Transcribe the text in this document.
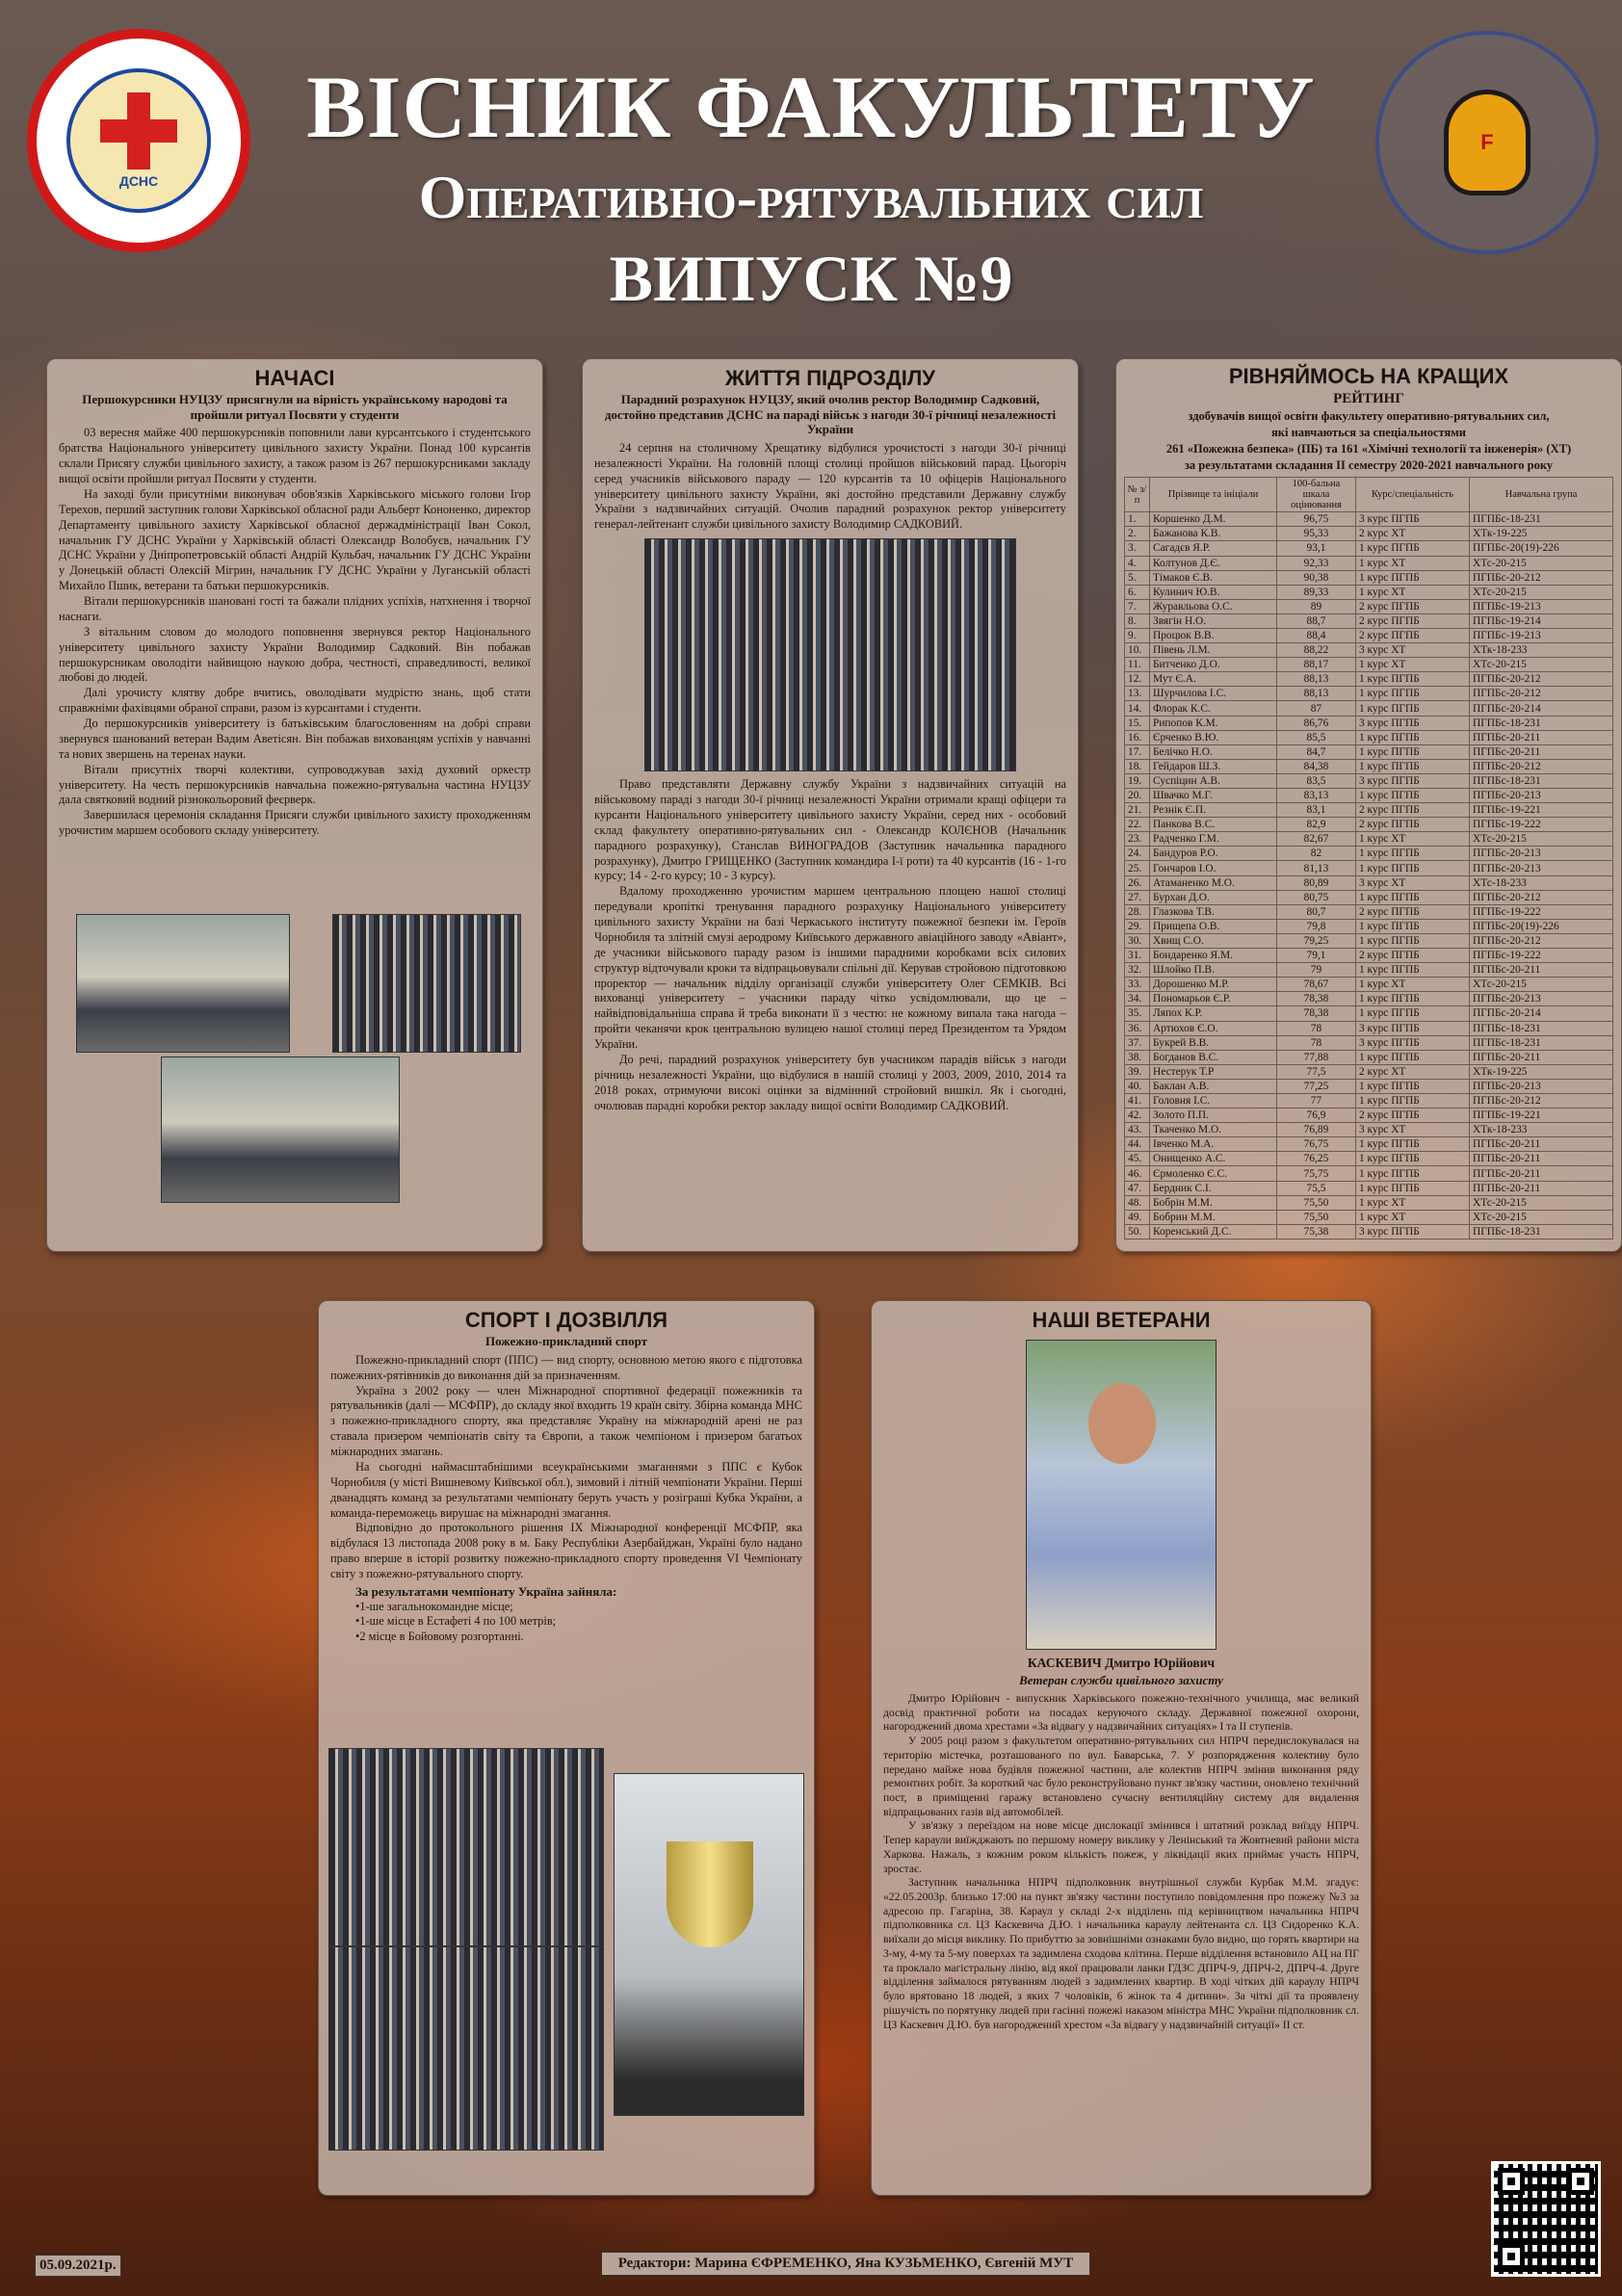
ДСНС
ВІСНИК ФАКУЛЬТЕТУ
Оперативно-рятувальних сил
ВИПУСК №9
F
НАЧАСІ
Першокурсники НУЦЗУ присягнули на вірність українському народові та пройшли ритуал Посвяти у студенти

03 вересня майже 400 першокурсників поповнили лави курсантського і студентського братства Національного університету цивільного захисту України. Понад 100 курсантів склали Присягу служби цивільного захисту, а також разом із 267 першокурсниками закладу вищої освіти пройшли ритуал Посвяти у студенти.

На заході були присутніми виконувач обов'язків Харківського міського голови Ігор Терехов, перший заступник голови Харківської обласної ради Альберт Кононенко, директор Департаменту цивільного захисту Харківської обласної держадміністрації Іван Сокол, начальник ГУ ДСНС України у Харківській області Олександр Волобуєв, начальник ГУ ДСНС України у Дніпропетровській області Андрій Кульбач, начальник ГУ ДСНС України у Донецькій області Олексій Мігрин, начальник ГУ ДСНС України у Луганській області Михайло Пшик, ветерани та батьки першокурсників.

Вітали першокурсників шановані гості та бажали плідних успіхів, натхнення і творчої наснаги.

З вітальним словом до молодого поповнення звернувся ректор Національного університету цивільного захисту України Володимир Садковий. Він побажав першокурсникам оволодіти найвищою наукою добра, честності, справедливості, великої любові до людей.

Далі урочисту клятву добре вчитись, оволодівати мудрістю знань, щоб стати справжніми фахівцями обраної справи, разом із курсантами і студенти.

До першокурсників університету із батьківським благословенням на добрі справи звернувся шанований ветеран Вадим Аветісян. Він побажав вихованцям успіхів у навчанні та нових звершень на теренах науки.

Вітали присутніх творчі колективи, супроводжував захід духовий оркестр університету. На честь першокурсників навчальна пожежно-рятувальна частина НУЦЗУ дала святковий водний різнокольоровий феєрверк.

Завершилася церемонія складання Присяги служби цивільного захисту проходженням урочистим маршем особового складу університету.

ЖИТТЯ ПІДРОЗДІЛУ
Парадний розрахунок НУЦЗУ, який очолив ректор Володимир Садковий, достойно представив ДСНС на параді військ з нагоди 30-ї річниці незалежності України

24 серпня на столичному Хрещатику відбулися урочистості з нагоди 30-ї річниці незалежності України. На головній площі столиці пройшов військовий парад. Цьогоріч серед учасників військового параду — 120 курсантів та 10 офіцерів Національного університету цивільного захисту України, які достойно представили Державну службу України з надзвичайних ситуацій. Очолив парадний розрахунок ректор університету генерал-лейтенант служби цивільного захисту Володимир САДКОВИЙ.

Право представляти Державну службу України з надзвичайних ситуацій на військовому параді з нагоди 30-ї річниці незалежності України отримали кращі офіцери та курсанти Національного університету цивільного захисту України, серед них - особовий склад факультету оперативно-рятувальних сил - Олександр КОЛЄНОВ (Начальник парадного розрахунку), Станслав ВИНОГРАДОВ (Заступник начальника парадного розрахунку), Дмитро ГРИЩЕНКО (Заступник командира І-ї роти) та 40 курсантів (16 - 1-го курсу; 14 - 2-го курсу; 10 - 3 курсу).

Вдалому проходженню урочистим маршем центральною площею нашої столиці передували кропіткі тренування парадного розрахунку Національного університету цивільного захисту України на базі Черкаського інституту пожежної безпеки ім. Героїв Чорнобиля та злітній смузі аеродрому Київського державного авіаційного заводу «Авіант», де учасники військового параду разом із іншими парадними коробками всіх силових структур відточували кроки та відпрацьовували спільні дії. Керував стройовою підготовкою проректор — начальник відділу організації служби університету Олег СЕМКІВ. Всі вихованці університету – учасники параду чітко усвідомлювали, що це – найвідповідальніша справа й треба виконати її з честю: не кожному випала така нагода – пройти чеканячи крок центральною вулицею нашої столиці перед Президентом та Урядом України.

До речі, парадний розрахунок університету був учасником парадів військ з нагоди річниць незалежності України, що відбулися в нашій столиці у 2003, 2009, 2010, 2014 та 2018 роках, отримуючи високі оцінки за відмінний стройовий вишкіл. Як і сьогодні, очолював парадні коробки ректор закладу вищої освіти Володимир САДКОВИЙ.

РІВНЯЙМОСЬ НА КРАЩИХ
РЕЙТИНГ
здобувачів вищої освіти факультету оперативно-рятувальних сил,
які навчаються за спеціальностями
261 «Пожежна безпека» (ПБ) та 161 «Хімічні технології та інженерія» (ХТ)
за результатами складання II семестру 2020-2021 навчального року
№ з/п	Прізвище та ініціали	100-бальна шкала оцінювання	Курс/спеціальність	Навчальна група
1.	Коршенко Д.М.	96,75	3 курс ПГПБ	ПГПБс-18-231
2.	Бажанова К.В.	95,33	2 курс ХТ	ХТк-19-225
3.	Сагадєв Я.Р.	93,1	1 курс ПГПБ	ПГПБс-20(19)-226
4.	Колтунов Д.Є.	92,33	1 курс ХТ	ХТс-20-215
5.	Тімаков Є.В.	90,38	1 курс ПГПБ	ПГПБс-20-212
6.	Кулинич Ю.В.	89,33	1 курс ХТ	ХТс-20-215
7.	Журавльова О.С.	89	2 курс ПГПБ	ПГПБс-19-213
8.	Звягін Н.О.	88,7	2 курс ПГПБ	ПГПБс-19-214
9.	Процюк В.В.	88,4	2 курс ПГПБ	ПГПБс-19-213
10.	Півень Л.М.	88,22	3 курс ХТ	ХТк-18-233
11.	Битченко Д.О.	88,17	1 курс ХТ	ХТс-20-215
12.	Мут Є.А.	88,13	1 курс ПГПБ	ПГПБс-20-212
13.	Шурчилова І.С.	88,13	1 курс ПГПБ	ПГПБс-20-212
14.	Флорак К.С.	87	1 курс ПГПБ	ПГПБс-20-214
15.	Рипопов К.М.	86,76	3 курс ПГПБ	ПГПБс-18-231
16.	Єрченко В.Ю.	85,5	1 курс ПГПБ	ПГПБс-20-211
17.	Белічко Н.О.	84,7	1 курс ПГПБ	ПГПБс-20-211
18.	Гейдаров Ш.З.	84,38	1 курс ПГПБ	ПГПБс-20-212
19.	Суспіцин А.В.	83,5	3 курс ПГПБ	ПГПБс-18-231
20.	Швачко М.Г.	83,13	1 курс ПГПБ	ПГПБс-20-213
21.	Резнік Є.П.	83,1	2 курс ПГПБ	ПГПБс-19-221
22.	Панкова В.С.	82,9	2 курс ПГПБ	ПГПБс-19-222
23.	Радченко Г.М.	82,67	1 курс ХТ	ХТс-20-215
24.	Бандуров Р.О.	82	1 курс ПГПБ	ПГПБс-20-213
25.	Гончаров І.О.	81,13	1 курс ПГПБ	ПГПБс-20-213
26.	Атаманенко М.О.	80,89	3 курс ХТ	ХТс-18-233
27.	Бурхан Д.О.	80,75	1 курс ПГПБ	ПГПБс-20-212
28.	Глазкова Т.В.	80,7	2 курс ПГПБ	ПГПБс-19-222
29.	Прищепа О.В.	79,8	1 курс ПГПБ	ПГПБс-20(19)-226
30.	Хвищ С.О.	79,25	1 курс ПГПБ	ПГПБс-20-212
31.	Бондаренко Я.М.	79,1	2 курс ПГПБ	ПГПБс-19-222
32.	Шлойко П.В.	79	1 курс ПГПБ	ПГПБс-20-211
33.	Дорошенко М.Р.	78,67	1 курс ХТ	ХТс-20-215
34.	Пономарьов Є.Р.	78,38	1 курс ПГПБ	ПГПБс-20-213
35.	Ляпох К.Р.	78,38	1 курс ПГПБ	ПГПБс-20-214
36.	Артюхов Є.О.	78	3 курс ПГПБ	ПГПБс-18-231
37.	Букрей В.В.	78	3 курс ПГПБ	ПГПБс-18-231
38.	Богданов В.С.	77,88	1 курс ПГПБ	ПГПБс-20-211
39.	Нестерук Т.Р	77,5	2 курс ХТ	ХТк-19-225
40.	Баклан А.В.	77,25	1 курс ПГПБ	ПГПБс-20-213
41.	Головня І.С.	77	1 курс ПГПБ	ПГПБс-20-212
42.	Золото П.П.	76,9	2 курс ПГПБ	ПГПБс-19-221
43.	Ткаченко М.О.	76,89	3 курс ХТ	ХТк-18-233
44.	Івченко М.А.	76,75	1 курс ПГПБ	ПГПБс-20-211
45.	Онищенко А.С.	76,25	1 курс ПГПБ	ПГПБс-20-211
46.	Єрмоленко Є.С.	75,75	1 курс ПГПБ	ПГПБс-20-211
47.	Бердник С.І.	75,5	1 курс ПГПБ	ПГПБс-20-211
48.	Бобрін М.М.	75,50	1 курс ХТ	ХТс-20-215
49.	Бобрин М.М.	75,50	1 курс ХТ	ХТс-20-215
50.	Коренський Д.С.	75,38	3 курс ПГПБ	ПГПБс-18-231
СПОРТ І ДОЗВІЛЛЯ
Пожежно-прикладний спорт

Пожежно-прикладний спорт (ППС) — вид спорту, основною метою якого є підготовка пожежних-рятівників до виконання дій за призначенням.

Україна з 2002 року — член Міжнародної спортивної федерації пожежників та рятувальників (далі — МСФПР), до складу якої входить 19 країн світу. Збірна команда МНС з пожежно-прикладного спорту, яка представляє Україну на міжнародній арені не раз ставала призером чемпіонатів світу та Європи, а також чемпіоном і призером багатьох міжнародних змагань.

На сьогодні наймасштабнішими всеукраїнськими змаганнями з ППС є Кубок Чорнобиля (у місті Вишневому Київської обл.), зимовий і літній чемпіонати України. Перші дванадцять команд за результатами чемпіонату беруть участь у розіграші Кубка України, а команда-переможець вирушає на міжнародні змагання.

Відповідно до протокольного рішення IX Міжнародної конференції МСФПР, яка відбулася 13 листопада 2008 року в м. Баку Республіки Азербайджан, Україні було надано право вперше в історії розвитку пожежно-прикладного спорту проведення VI Чемпіонату світу з пожежно-рятувального спорту.

За результатами чемпіонату Україна зайняла:
•1-ше загальнокомандне місце;
•1-ше місце в Естафеті 4 по 100 метрів;
•2 місце в Бойовому розгортанні.
НАШІ ВЕТЕРАНИ
КАСКЕВИЧ Дмитро Юрійович
Ветеран служби цивільного захисту

Дмитро Юрійович - випускник Харківського пожежно-технічного училища, має великий досвід практичної роботи на посадах керуючого складу. Державної пожежної охорони, нагороджений двома хрестами «За відвагу у надзвичайних ситуаціях» І та ІІ ступенів.

У 2005 році разом з факультетом оперативно-рятувальних сил НПРЧ передислокувалася на територію містечка, розташованого по вул. Баварська, 7. У розпорядження колективу було передано майже нова будівля пожежної частини, але колектив НПРЧ змінив виконання ряду ремонтних робіт. За короткий час було реконструйовано пункт зв'язку частини, оновлено технічний пост, в приміщенні гаражу встановлено сучасну вентиляційну систему для видалення відпрацьованих газів від автомобілей.

У зв'язку з переїздом на нове місце дислокації змінився і штатний розклад виїзду НПРЧ. Тепер караули виїжджають по першому номеру виклику у Ленінський та Жовтневий райони міста Харкова. Нажаль, з кожним роком кількість пожеж, у ліквідації яких приймає участь НПРЧ, зростає.

Заступник начальника НПРЧ підполковник внутрішньої служби Курбак М.М. згадує: «22.05.2003р. близько 17:00 на пункт зв'язку частини поступило повідомлення про пожежу №3 за адресою пр. Гагаріна, 38. Караул у складі 2-х відділень під керівництвом начальника НПРЧ підполковника сл. ЦЗ Каскевича Д.Ю. і начальника караулу лейтенанта сл. ЦЗ Сидоренко К.А. виїхали до місця виклику. По прибуттю за зовнішніми ознаками було видно, що горять квартири на 3-му, 4-му та 5-му поверхах та задимлена сходова клітина. Перше відділення встановило АЦ на ПГ та проклало магістральну лінію, від якої працювали ланки ГДЗС ДПРЧ-9, ДПРЧ-2, ДПРЧ-4. Друге відділення займалося рятуванням людей з задимлених квартир. В ході чітких дій караулу НПРЧ було врятовано 18 людей, з яких 7 чоловіків, 6 жінок та 4 дитини». За чіткі дії та проявлену рішучість по порятунку людей при гасінні пожежі наказом міністра МНС України підполковник сл. ЦЗ Каскевич Д.Ю. був нагороджений хрестом «За відвагу у надзвичайній ситуації» ІІ ст.

05.09.2021р.	Редактори: Марина ЄФРЕМЕНКО, Яна КУЗЬМЕНКО, Євгеній МУТ
